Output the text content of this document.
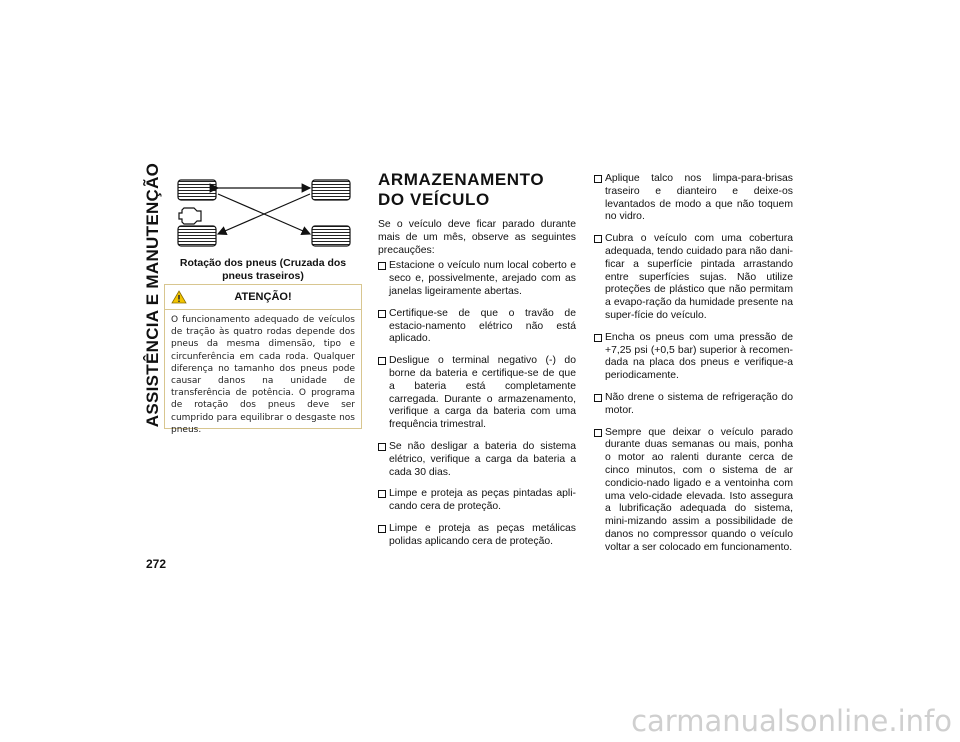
ASSISTÊNCIA E MANUTENÇÃO
272
Rotação dos pneus (Cruzada dos pneus traseiros)
ATENÇÃO!
O funcionamento adequado de veículos de tração às quatro rodas depende dos pneus da mesma dimensão, tipo e circunferência em cada roda. Qualquer diferença no tamanho dos pneus pode causar danos na unidade de transferência de potência. O programa de rotação dos pneus deve ser cumprido para equilibrar o desgaste nos pneus.
ARMAZENAMENTO DO VEÍCULO

Se o veículo deve ficar parado durante mais de um mês, observe as seguintes precauções:

Estacione o veículo num local coberto e seco e, possivelmente, arejado com as janelas ligeiramente abertas.
Certifique-se de que o travão de estacio-namento elétrico não está aplicado.
Desligue o terminal negativo (-) do borne da bateria e certifique-se de que a bateria está completamente carregada. Durante o armazenamento, verifique a carga da bateria com uma frequência trimestral.
Se não desligar a bateria do sistema elétrico, verifique a carga da bateria a cada 30 dias.
Limpe e proteja as peças pintadas apli-cando cera de proteção.
Limpe e proteja as peças metálicas polidas aplicando cera de proteção.
Aplique talco nos limpa-para-brisas traseiro e dianteiro e deixe-os levantados de modo a que não toquem no vidro.
Cubra o veículo com uma cobertura adequada, tendo cuidado para não dani-ficar a superfície pintada arrastando entre superfícies sujas. Não utilize proteções de plástico que não permitam a evapo-ração da humidade presente na super-fície do veículo.
Encha os pneus com uma pressão de +7,25 psi (+0,5 bar) superior à recomen-dada na placa dos pneus e verifique-a periodicamente.
Não drene o sistema de refrigeração do motor.
Sempre que deixar o veículo parado durante duas semanas ou mais, ponha o motor ao ralenti durante cerca de cinco minutos, com o sistema de ar condicio-nado ligado e a ventoinha com uma velo-cidade elevada. Isto assegura a lubrificação adequada do sistema, mini-mizando assim a possibilidade de danos no compressor quando o veículo voltar a ser colocado em funcionamento.
carmanualsonline.info
